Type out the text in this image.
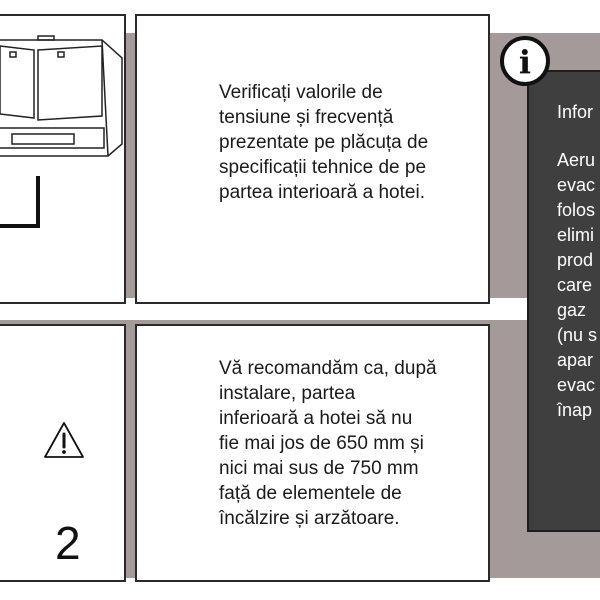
Verificați valorile de
tensiune și frecvență
prezentate pe plăcuța de
specificații tehnice de pe
partea interioară a hotei.
2
Vă recomandăm ca, după
instalare, partea
inferioară a hotei să nu
fie mai jos de 650 mm și
nici mai sus de 750 mm
față de elementele de
încălzire și arzătoare.
Infor
Aeru
evac
folos
elimi
prod
care
gaz
(nu s
apar
evac
înap
i
